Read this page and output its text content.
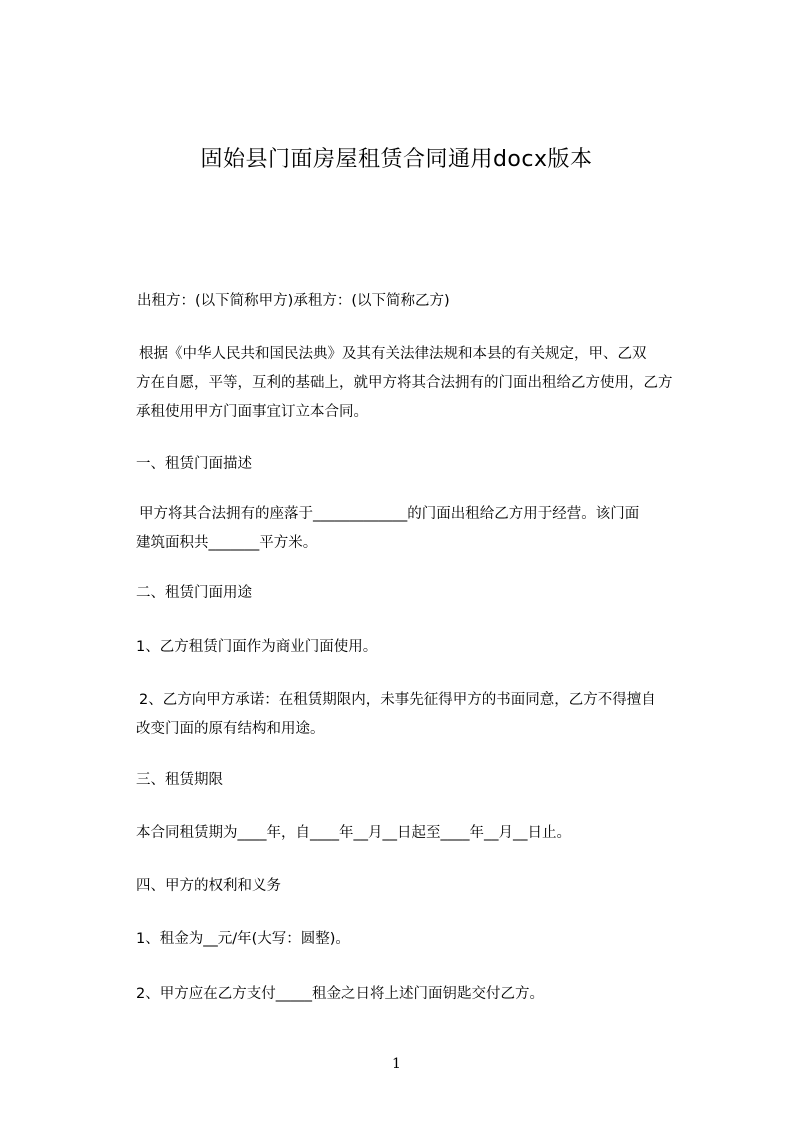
固始县门面房屋租赁合同通用docx版本
出租方：(以下简称甲方)承租方：(以下简称乙方)
根据《中华人民共和国民法典》及其有关法律法规和本县的有关规定，甲、乙双
方在自愿，平等，互利的基础上，就甲方将其合法拥有的门面出租给乙方使用，乙方
承租使用甲方门面事宜订立本合同。
一、租赁门面描述
甲方将其合法拥有的座落于_____________的门面出租给乙方用于经营。该门面
建筑面积共_______平方米。
二、租赁门面用途
1、乙方租赁门面作为商业门面使用。
2、乙方向甲方承诺：在租赁期限内，未事先征得甲方的书面同意，乙方不得擅自
改变门面的原有结构和用途。
三、租赁期限
本合同租赁期为____年，自____年__月__日起至____年__月__日止。
四、甲方的权利和义务
1、租金为__元/年(大写：圆整)。
2、甲方应在乙方支付_____租金之日将上述门面钥匙交付乙方。
1
